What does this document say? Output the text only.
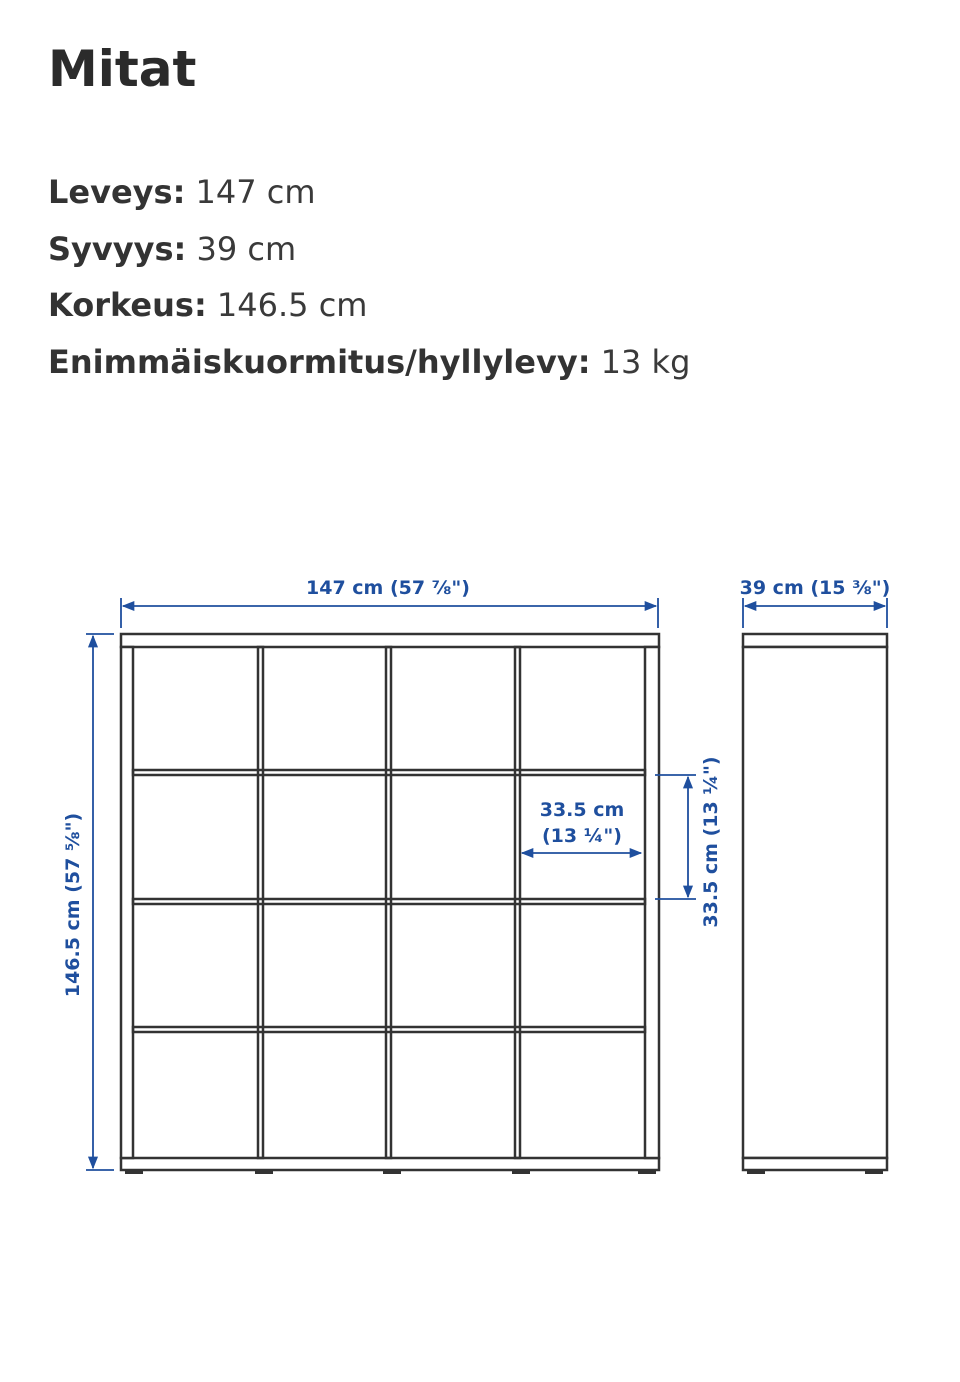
Mitat
Leveys: 147 cm
Syvyys: 39 cm
Korkeus: 146.5 cm
Enimmäiskuormitus/hyllylevy: 13 kg
147 cm (57 ⅞")	39 cm (15 ⅜")
146.5 cm (57 ⅝")
33.5 cm
(13 ¼")	33.5 cm (13 ¼")
